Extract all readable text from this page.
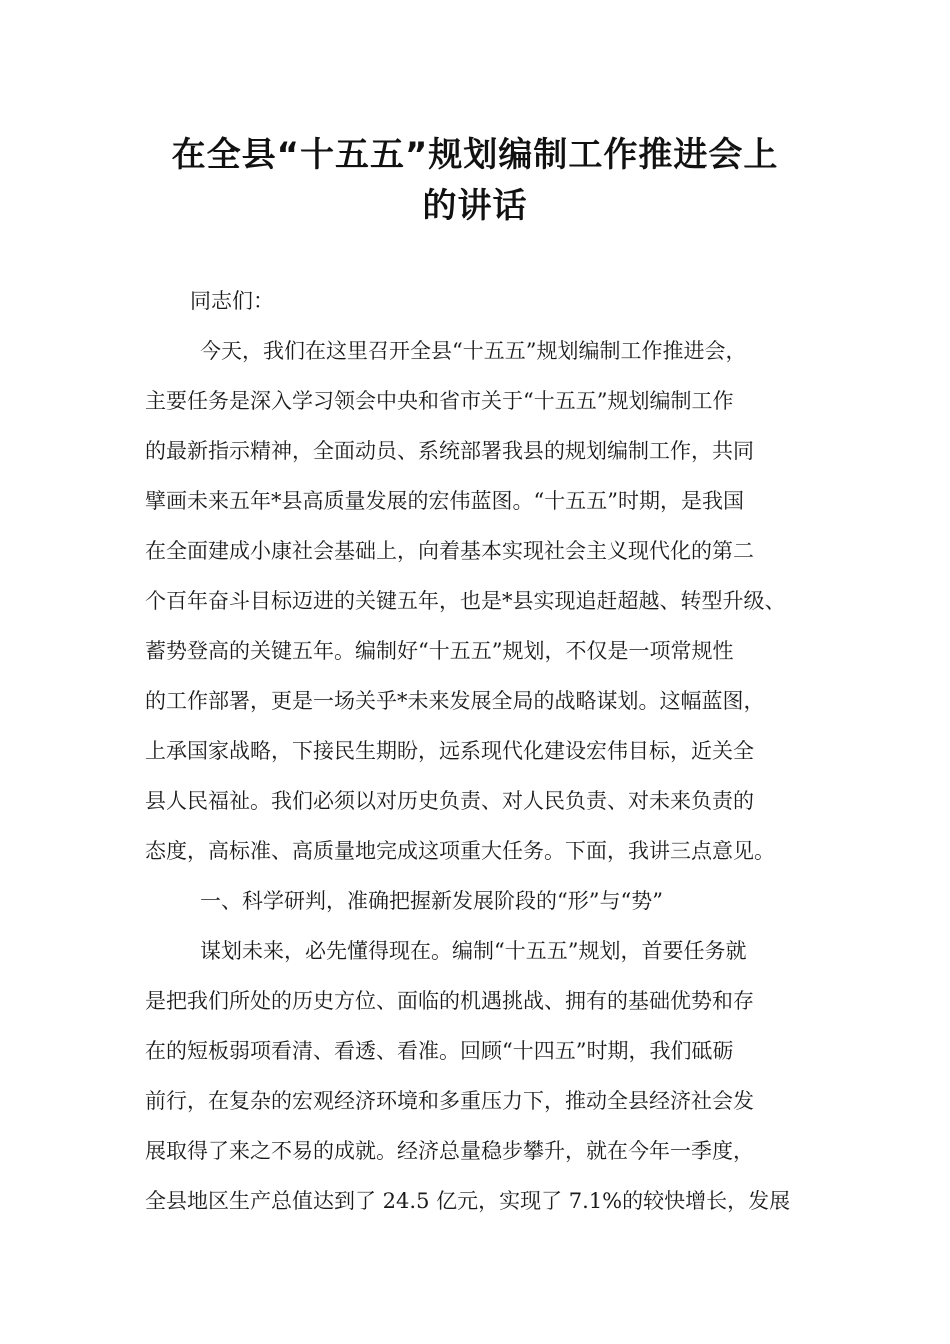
在全县“十五五”规划编制工作推进会上
的讲话
同志们：
今天，我们在这里召开全县“十五五”规划编制工作推进会，
主要任务是深入学习领会中央和省市关于“十五五”规划编制工作
的最新指示精神，全面动员、系统部署我县的规划编制工作，共同
擘画未来五年*县高质量发展的宏伟蓝图。“十五五”时期，是我国
在全面建成小康社会基础上，向着基本实现社会主义现代化的第二
个百年奋斗目标迈进的关键五年，也是*县实现追赶超越、转型升级、
蓄势登高的关键五年。编制好“十五五”规划，不仅是一项常规性
的工作部署，更是一场关乎*未来发展全局的战略谋划。这幅蓝图，
上承国家战略，下接民生期盼，远系现代化建设宏伟目标，近关全
县人民福祉。我们必须以对历史负责、对人民负责、对未来负责的
态度，高标准、高质量地完成这项重大任务。下面，我讲三点意见。
一、科学研判，准确把握新发展阶段的“形”与“势”
谋划未来，必先懂得现在。编制“十五五”规划，首要任务就
是把我们所处的历史方位、面临的机遇挑战、拥有的基础优势和存
在的短板弱项看清、看透、看准。回顾“十四五”时期，我们砥砺
前行，在复杂的宏观经济环境和多重压力下，推动全县经济社会发
展取得了来之不易的成就。经济总量稳步攀升，就在今年一季度，
全县地区生产总值达到了 24.5 亿元，实现了 7.1%的较快增长，发展
